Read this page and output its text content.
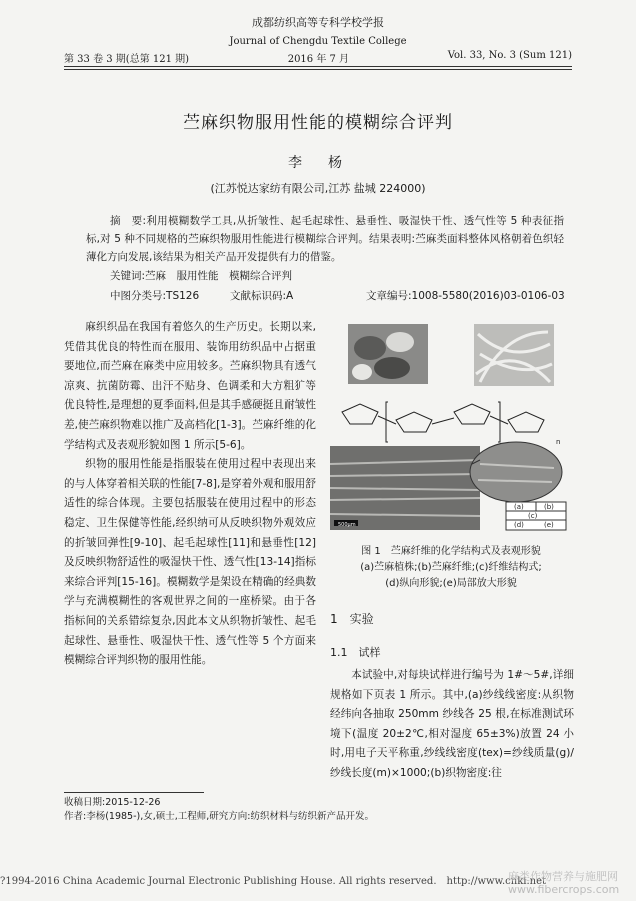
成都纺织高等专科学校学报
Journal of Chengdu Textile College
第 33 卷 3 期(总第 121 期)	2016 年 7 月	Vol. 33, No. 3 (Sum 121)
苎麻织物服用性能的模糊综合评判
李　杨
(江苏悦达家纺有限公司,江苏 盐城 224000)
摘　要:利用模糊数学工具,从折皱性、起毛起球性、悬垂性、吸湿快干性、透气性等 5 种表征指标,对 5 种不同规格的苎麻织物服用性能进行模糊综合评判。结果表明:苎麻类面料整体风格朝着色织轻薄化方向发展,该结果为相关产品开发提供有力的借鉴。
关键词:苎麻　服用性能　模糊综合评判
中图分类号:TS126	文献标识码:A	文章编号:1008-5580(2016)03-0106-03

麻织织品在我国有着悠久的生产历史。长期以来,凭借其优良的特性而在服用、装饰用纺织品中占据重要地位,而苎麻在麻类中应用较多。苎麻织物具有透气凉爽、抗菌防霉、出汗不贴身、色调柔和大方粗犷等优良特性,是理想的夏季面料,但是其手感硬挺且耐皱性差,使苎麻织物难以推广及高档化[1-3]。苎麻纤维的化学结构式及表观形貌如图 1 所示[5-6]。

织物的服用性能是指服装在使用过程中表现出来的与人体穿着相关联的性能[7-8],是穿着外观和服用舒适性的综合体现。主要包括服装在使用过程中的形态稳定、卫生保健等性能,经织纳可从反映织物外观效应的折皱回弹性[9-10]、起毛起球性[11]和悬垂性[12]及反映织物舒适性的吸湿快干性、透气性[13-14]指标来综合评判[15-16]。模糊数学是架设在精确的经典数学与充满模糊性的客观世界之间的一座桥梁。由于各指标间的关系错综复杂,因此本文从织物折皱性、起毛起球性、悬垂性、吸湿快干性、透气性等 5 个方面来模糊综合评判织物的服用性能。

n
500μm
(a)	(b)
(c)
(d)	(e)
图 1　苎麻纤维的化学结构式及表观形貌
(a)苎麻植株;(b)苎麻纤维;(c)纤维结构式;
(d)纵向形貌;(e)局部放大形貌
1　实验
1.1　试样

本试验中,对每块试样进行编号为 1#～5#,详细规格如下页表 1 所示。其中,(a)纱线线密度:从织物经纬向各抽取 250mm 纱线各 25 根,在标准测试环境下(温度 20±2℃,相对湿度 65±3%)放置 24 小时,用电子天平称重,纱线线密度(tex)=纱线质量(g)/纱线长度(m)×1000;(b)织物密度:往

收稿日期:2015-12-26
作者:李杨(1985-),女,硕士,工程师,研究方向:纺织材料与纺织新产品开发。
?1994-2016 China Academic Journal Electronic Publishing House. All rights reserved.　http://www.cnki.net
麻类作物营养与施肥网 www.fibercrops.com
